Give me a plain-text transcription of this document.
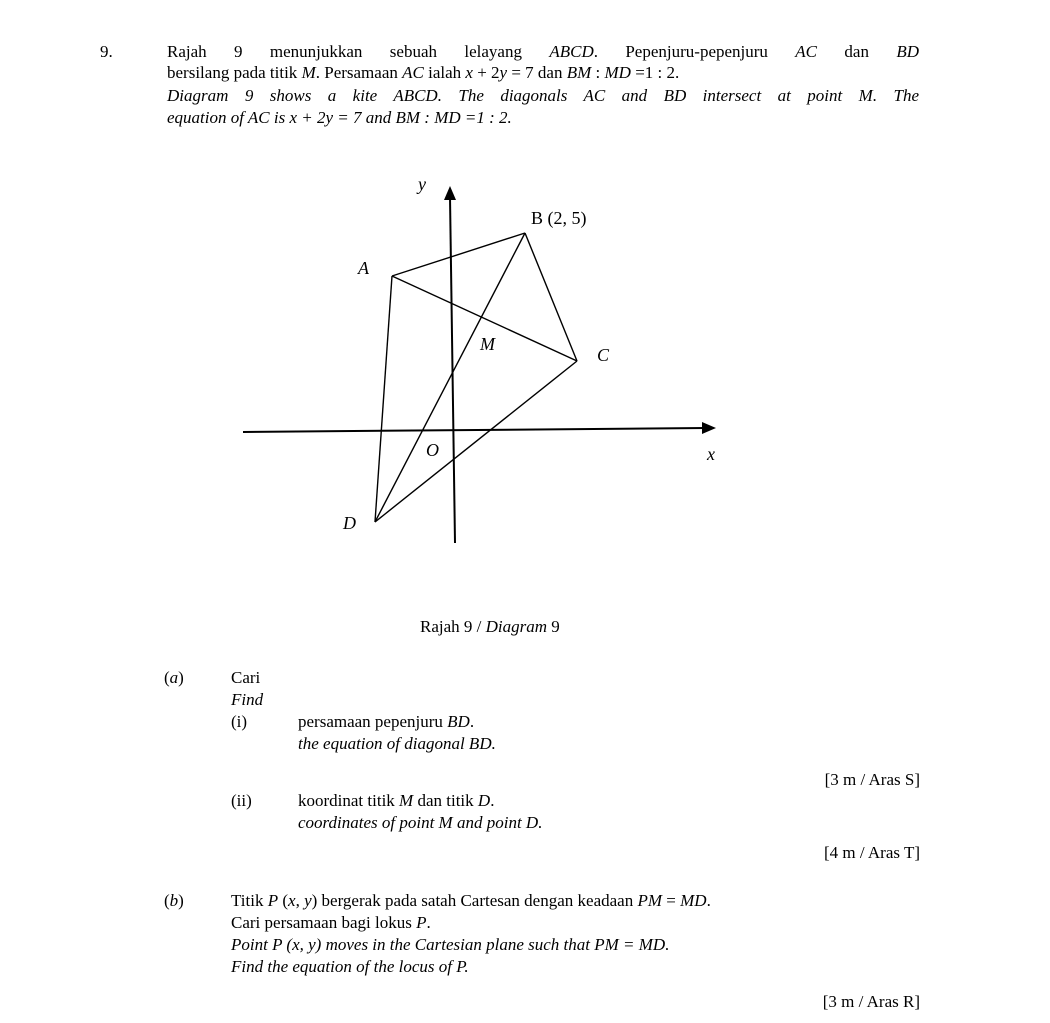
9.	Rajah 9 menunjukkan sebuah lelayang ABCD. Pepenjuru-pepenjuru AC dan BD
bersilang pada titik M. Persamaan AC ialah x + 2y = 7 dan BM : MD =1 : 2.
Diagram 9 shows a kite ABCD. The diagonals AC and BD intersect at point M. The
equation of AC is x + 2y = 7 and BM : MD =1 : 2.
y
x
O
A
B (2, 5)
C
D
M
Rajah 9 / Diagram 9
(a)	Cari
Find
(i)	persamaan pepenjuru BD.
the equation of diagonal BD.
[3 m / Aras S]
(ii)	koordinat titik M dan titik D.
coordinates of point M and point D.
[4 m / Aras T]
(b)	Titik P (x, y) bergerak pada satah Cartesan dengan keadaan PM = MD.
Cari persamaan bagi lokus P.
Point P (x, y) moves in the Cartesian plane such that PM = MD.
Find the equation of the locus of P.
[3 m / Aras R]
